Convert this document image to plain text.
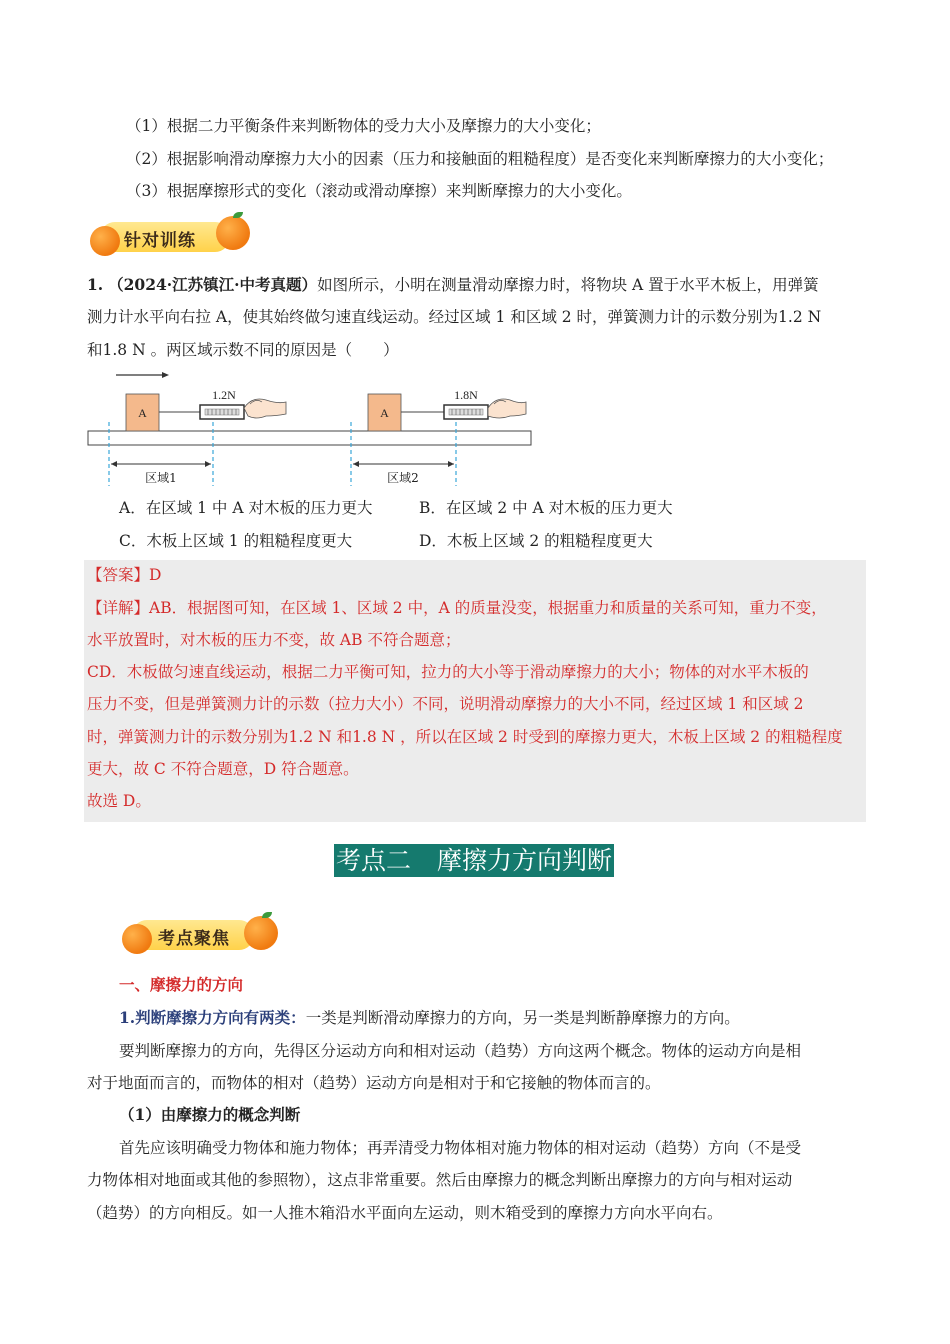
（1）根据二力平衡条件来判断物体的受力大小及摩擦力的大小变化；
（2）根据影响滑动摩擦力大小的因素（压力和接触面的粗糙程度）是否变化来判断摩擦力的大小变化；
（3）根据摩擦形式的变化（滚动或滑动摩擦）来判断摩擦力的大小变化。
针对训练
1. （2024·江苏镇江·中考真题）如图所示，小明在测量滑动摩擦力时，将物块 A 置于水平木板上，用弹簧
测力计水平向右拉 A，使其始终做匀速直线运动。经过区域 1 和区域 2 时，弹簧测力计的示数分别为1.2 N
和1.8 N 。两区域示数不同的原因是（　　）
A
1.2N
A
1.8N
区域1	区域2
A．在区域 1 中 A 对木板的压力更大	B．在区域 2 中 A 对木板的压力更大
C．木板上区域 1 的粗糙程度更大	D．木板上区域 2 的粗糙程度更大
【答案】D
【详解】AB．根据图可知，在区域 1、区域 2 中，A 的质量没变，根据重力和质量的关系可知，重力不变，
水平放置时，对木板的压力不变，故 AB 不符合题意；
CD．木板做匀速直线运动，根据二力平衡可知，拉力的大小等于滑动摩擦力的大小；物体的对水平木板的
压力不变，但是弹簧测力计的示数（拉力大小）不同，说明滑动摩擦力的大小不同，经过区域 1 和区域 2
时，弹簧测力计的示数分别为1.2 N 和1.8 N ，所以在区域 2 时受到的摩擦力更大，木板上区域 2 的粗糙程度
更大，故 C 不符合题意，D 符合题意。
故选 D。
考点二 摩擦力方向判断
考点聚焦
一、摩擦力的方向
1.判断摩擦力方向有两类：一类是判断滑动摩擦力的方向，另一类是判断静摩擦力的方向。
要判断摩擦力的方向，先得区分运动方向和相对运动（趋势）方向这两个概念。物体的运动方向是相
对于地面而言的，而物体的相对（趋势）运动方向是相对于和它接触的物体而言的。
（1）由摩擦力的概念判断
首先应该明确受力物体和施力物体；再弄清受力物体相对施力物体的相对运动（趋势）方向（不是受
力物体相对地面或其他的参照物），这点非常重要。然后由摩擦力的概念判断出摩擦力的方向与相对运动
（趋势）的方向相反。如一人推木箱沿水平面向左运动，则木箱受到的摩擦力方向水平向右。
